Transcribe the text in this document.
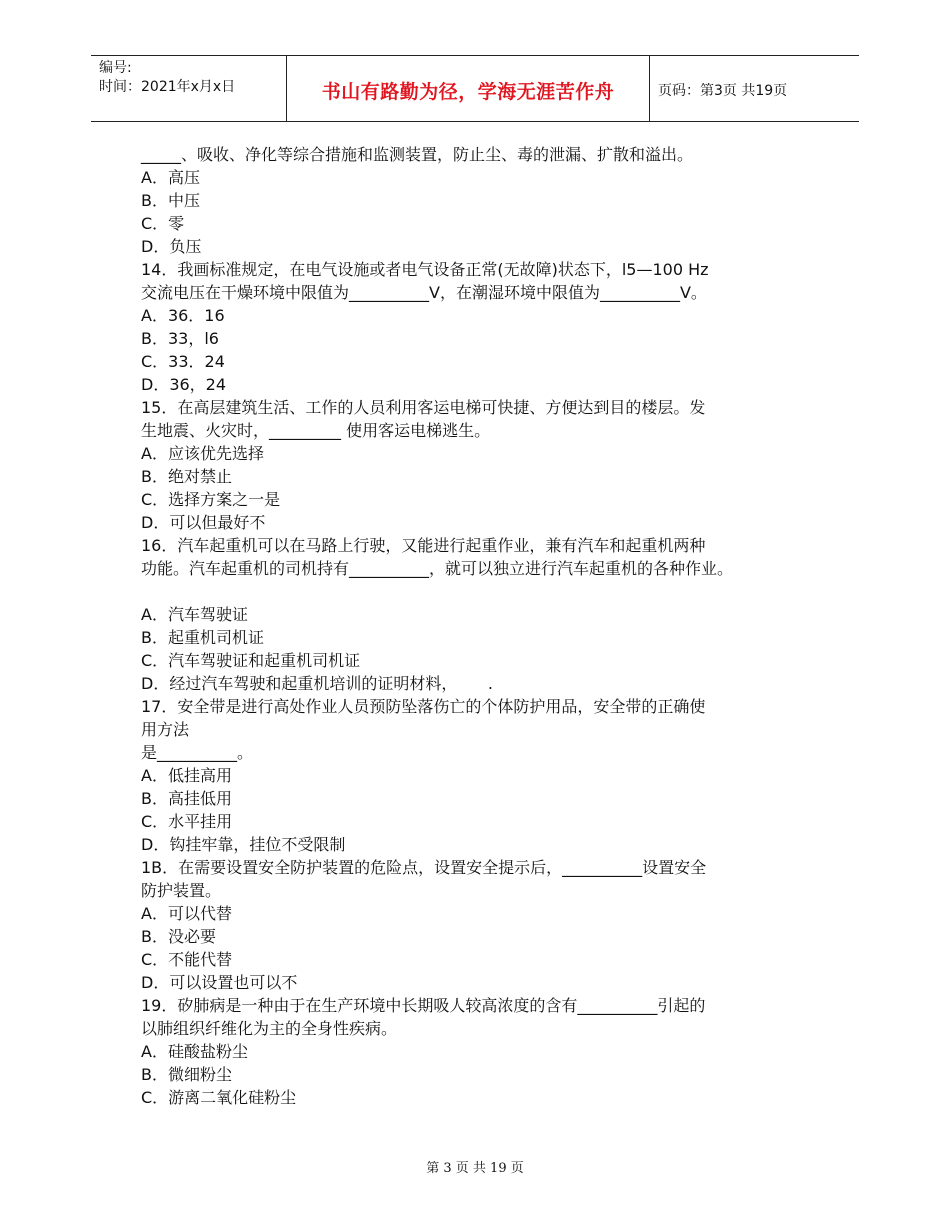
编号:
时间：2021年x月x日	书山有路勤为径，学海无涯苦作舟	页码：第3页 共19页
_____、吸收、净化等综合措施和监测装置，防止尘、毒的泄漏、扩散和溢出。
A．高压
B．中压
C．零
D．负压
14．我画标准规定，在电气设施或者电气设备正常(无故障)状态下，l5—100 Hz
交流电压在干燥环境中限值为__________V，在潮湿环境中限值为__________V。
A．36．16
B．33，l6
C．33．24
D．36，24
15．在高层建筑生活、工作的人员利用客运电梯可快捷、方便达到目的楼层。发
生地震、火灾时，_________ 使用客运电梯逃生。
A．应该优先选择
B．绝对禁止
C．选择方案之一是
D．可以但最好不
16．汽车起重机可以在马路上行驶，又能进行起重作业，兼有汽车和起重机两种
功能。汽车起重机的司机持有__________，就可以独立进行汽车起重机的各种作业。
A．汽车驾驶证
B．起重机司机证
C．汽车驾驶证和起重机司机证
D．经过汽车驾驶和起重机培训的证明材料，      .
17．安全带是进行高处作业人员预防坠落伤亡的个体防护用品，安全带的正确使
用方法
是__________。
A．低挂高用
B．高挂低用
C．水平挂用
D．钩挂牢靠，挂位不受限制
1B．在需要设置安全防护装置的危险点，设置安全提示后，__________设置安全
防护装置。
A．可以代替
B．没必要
C．不能代替
D．可以设置也可以不
19．矽肺病是一种由于在生产环境中长期吸人较高浓度的含有__________引起的
以肺组织纤维化为主的全身性疾病。
A．硅酸盐粉尘
B．微细粉尘
C．游离二氧化硅粉尘
第 3 页 共 19 页
